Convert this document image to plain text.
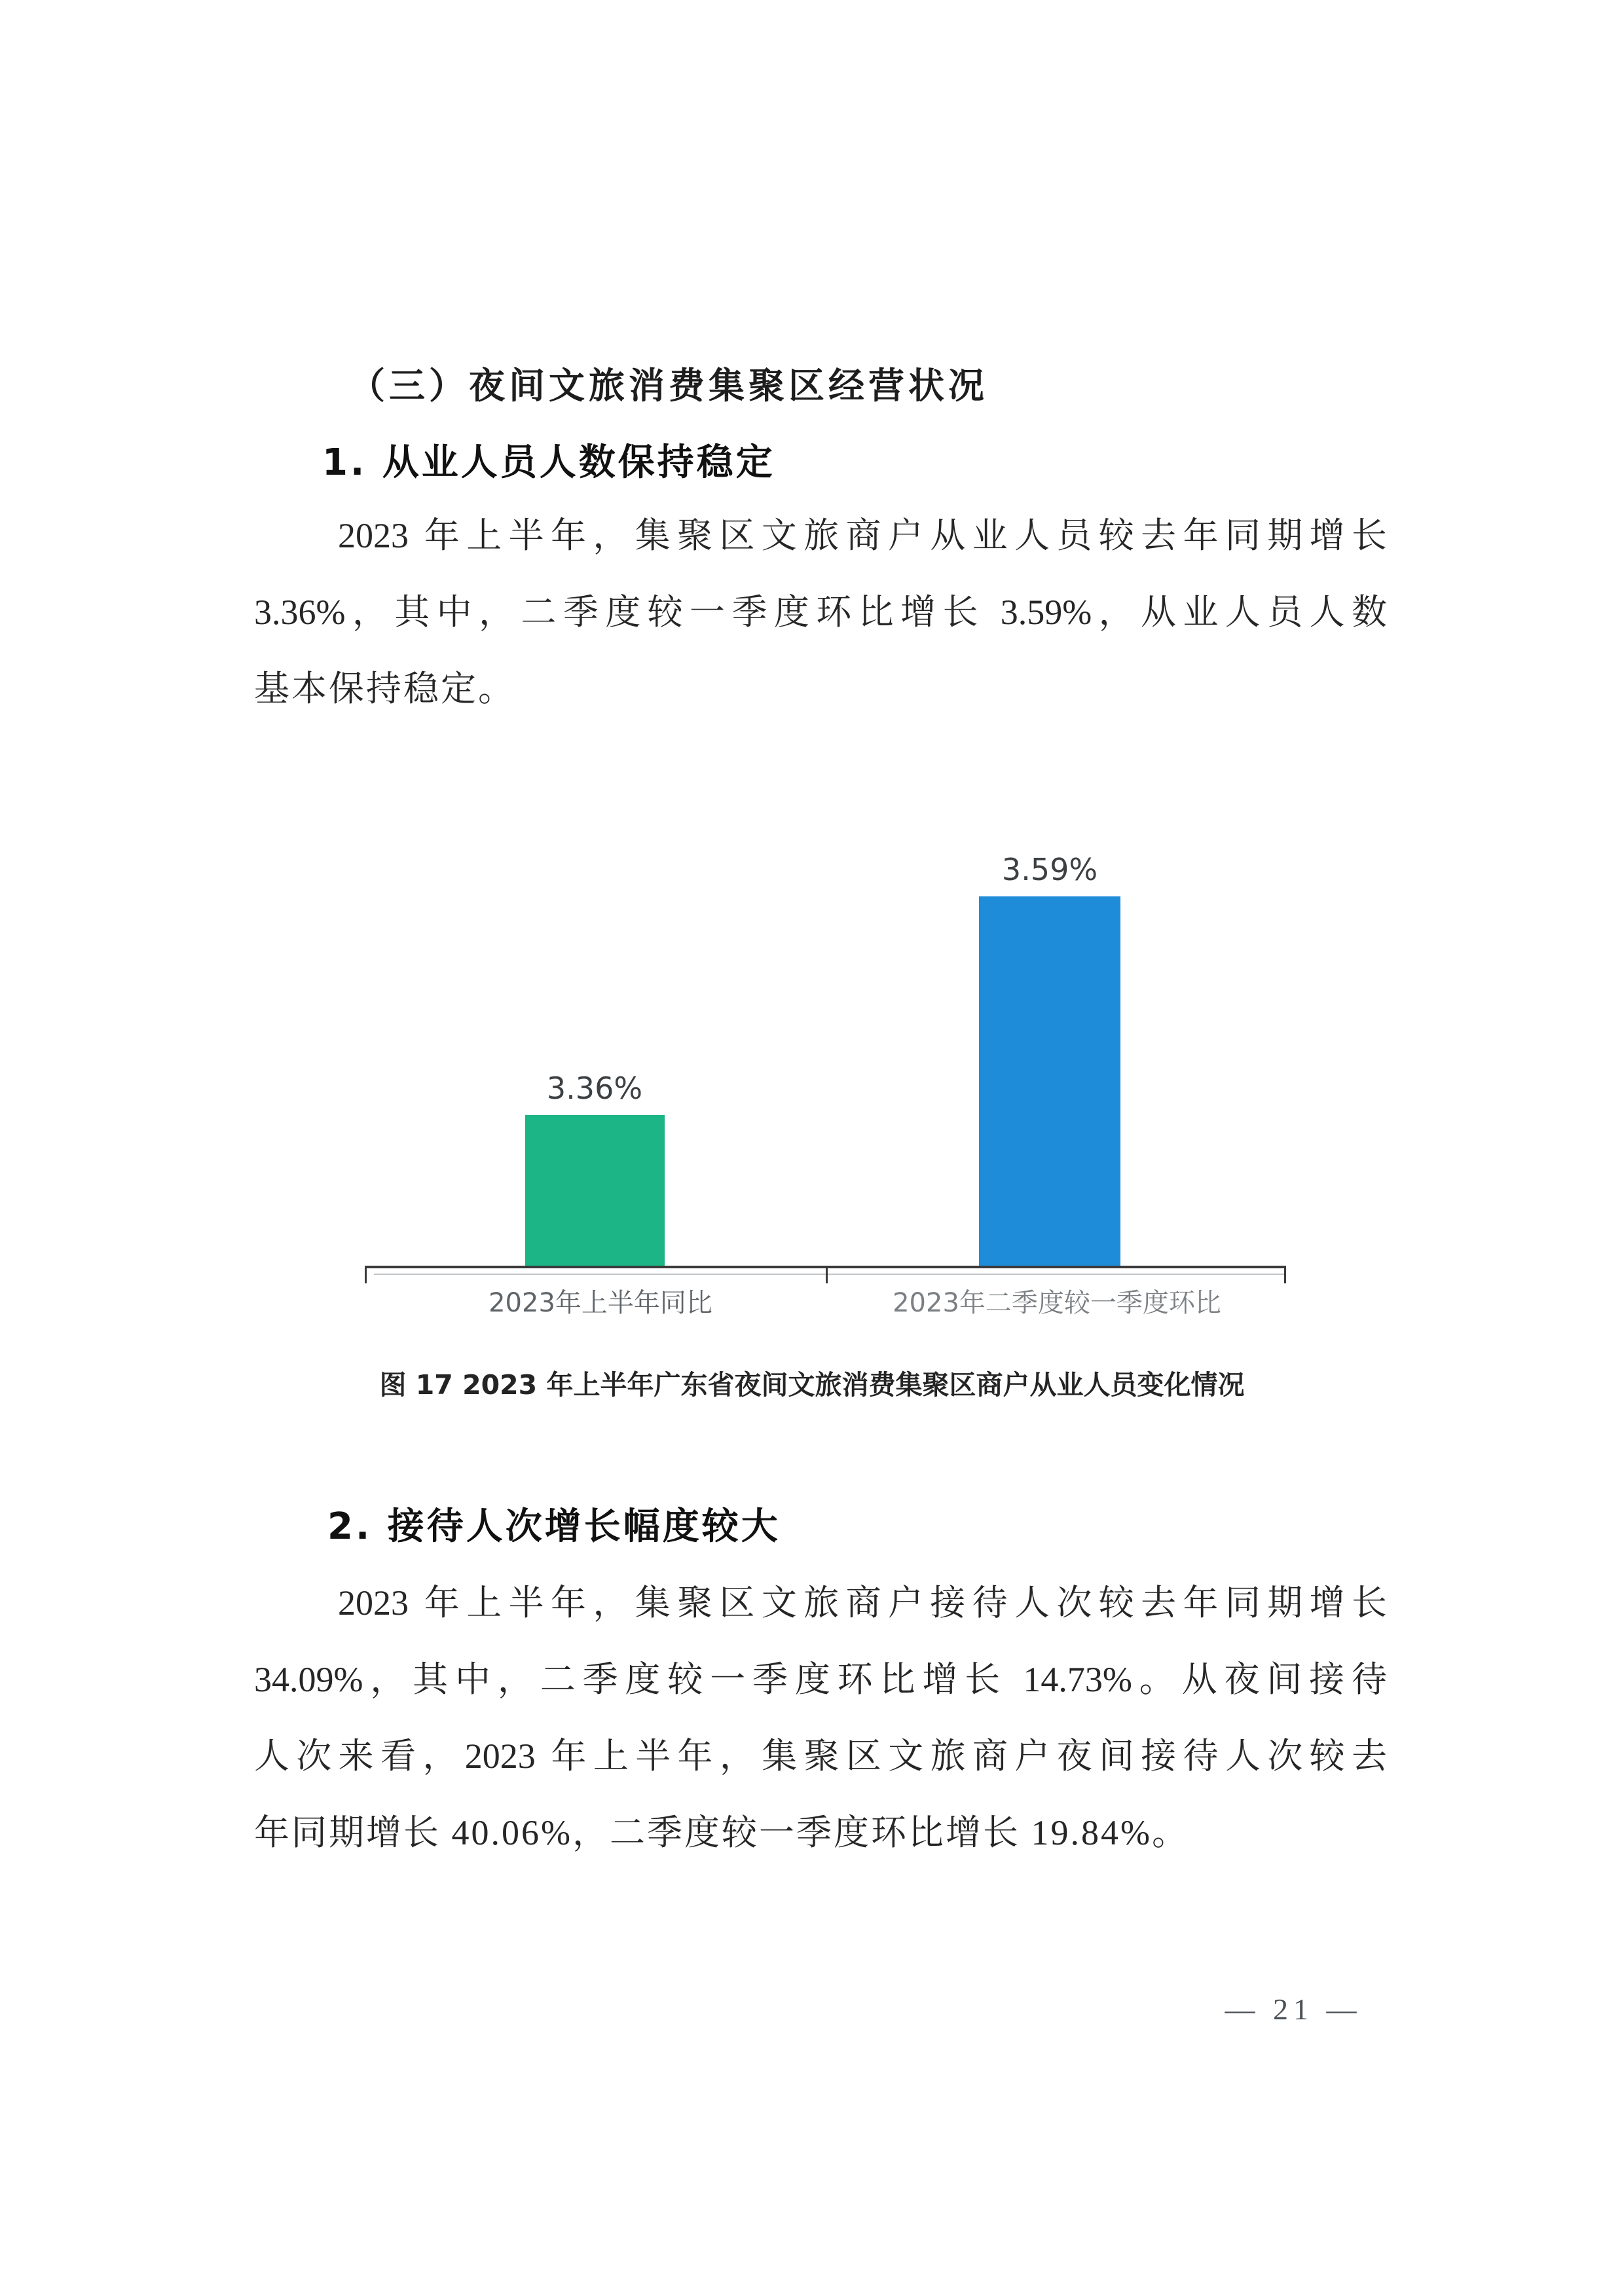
（三）夜间文旅消费集聚区经营状况
1. 从业人员人数保持稳定

2023 年上半年，集聚区文旅商户从业人员较去年同期增长

3.36%，其中，二季度较一季度环比增长 3.59%，从业人员人数

基本保持稳定。

3.36%
3.59%
2023年上半年同比	2023年二季度较一季度环比

图 17 2023 年上半年广东省夜间文旅消费集聚区商户从业人员变化情况

2. 接待人次增长幅度较大

2023 年上半年，集聚区文旅商户接待人次较去年同期增长

34.09%，其中，二季度较一季度环比增长 14.73%。从夜间接待

人次来看，2023 年上半年，集聚区文旅商户夜间接待人次较去

年同期增长 40.06%，二季度较一季度环比增长 19.84%。

— 21 —
